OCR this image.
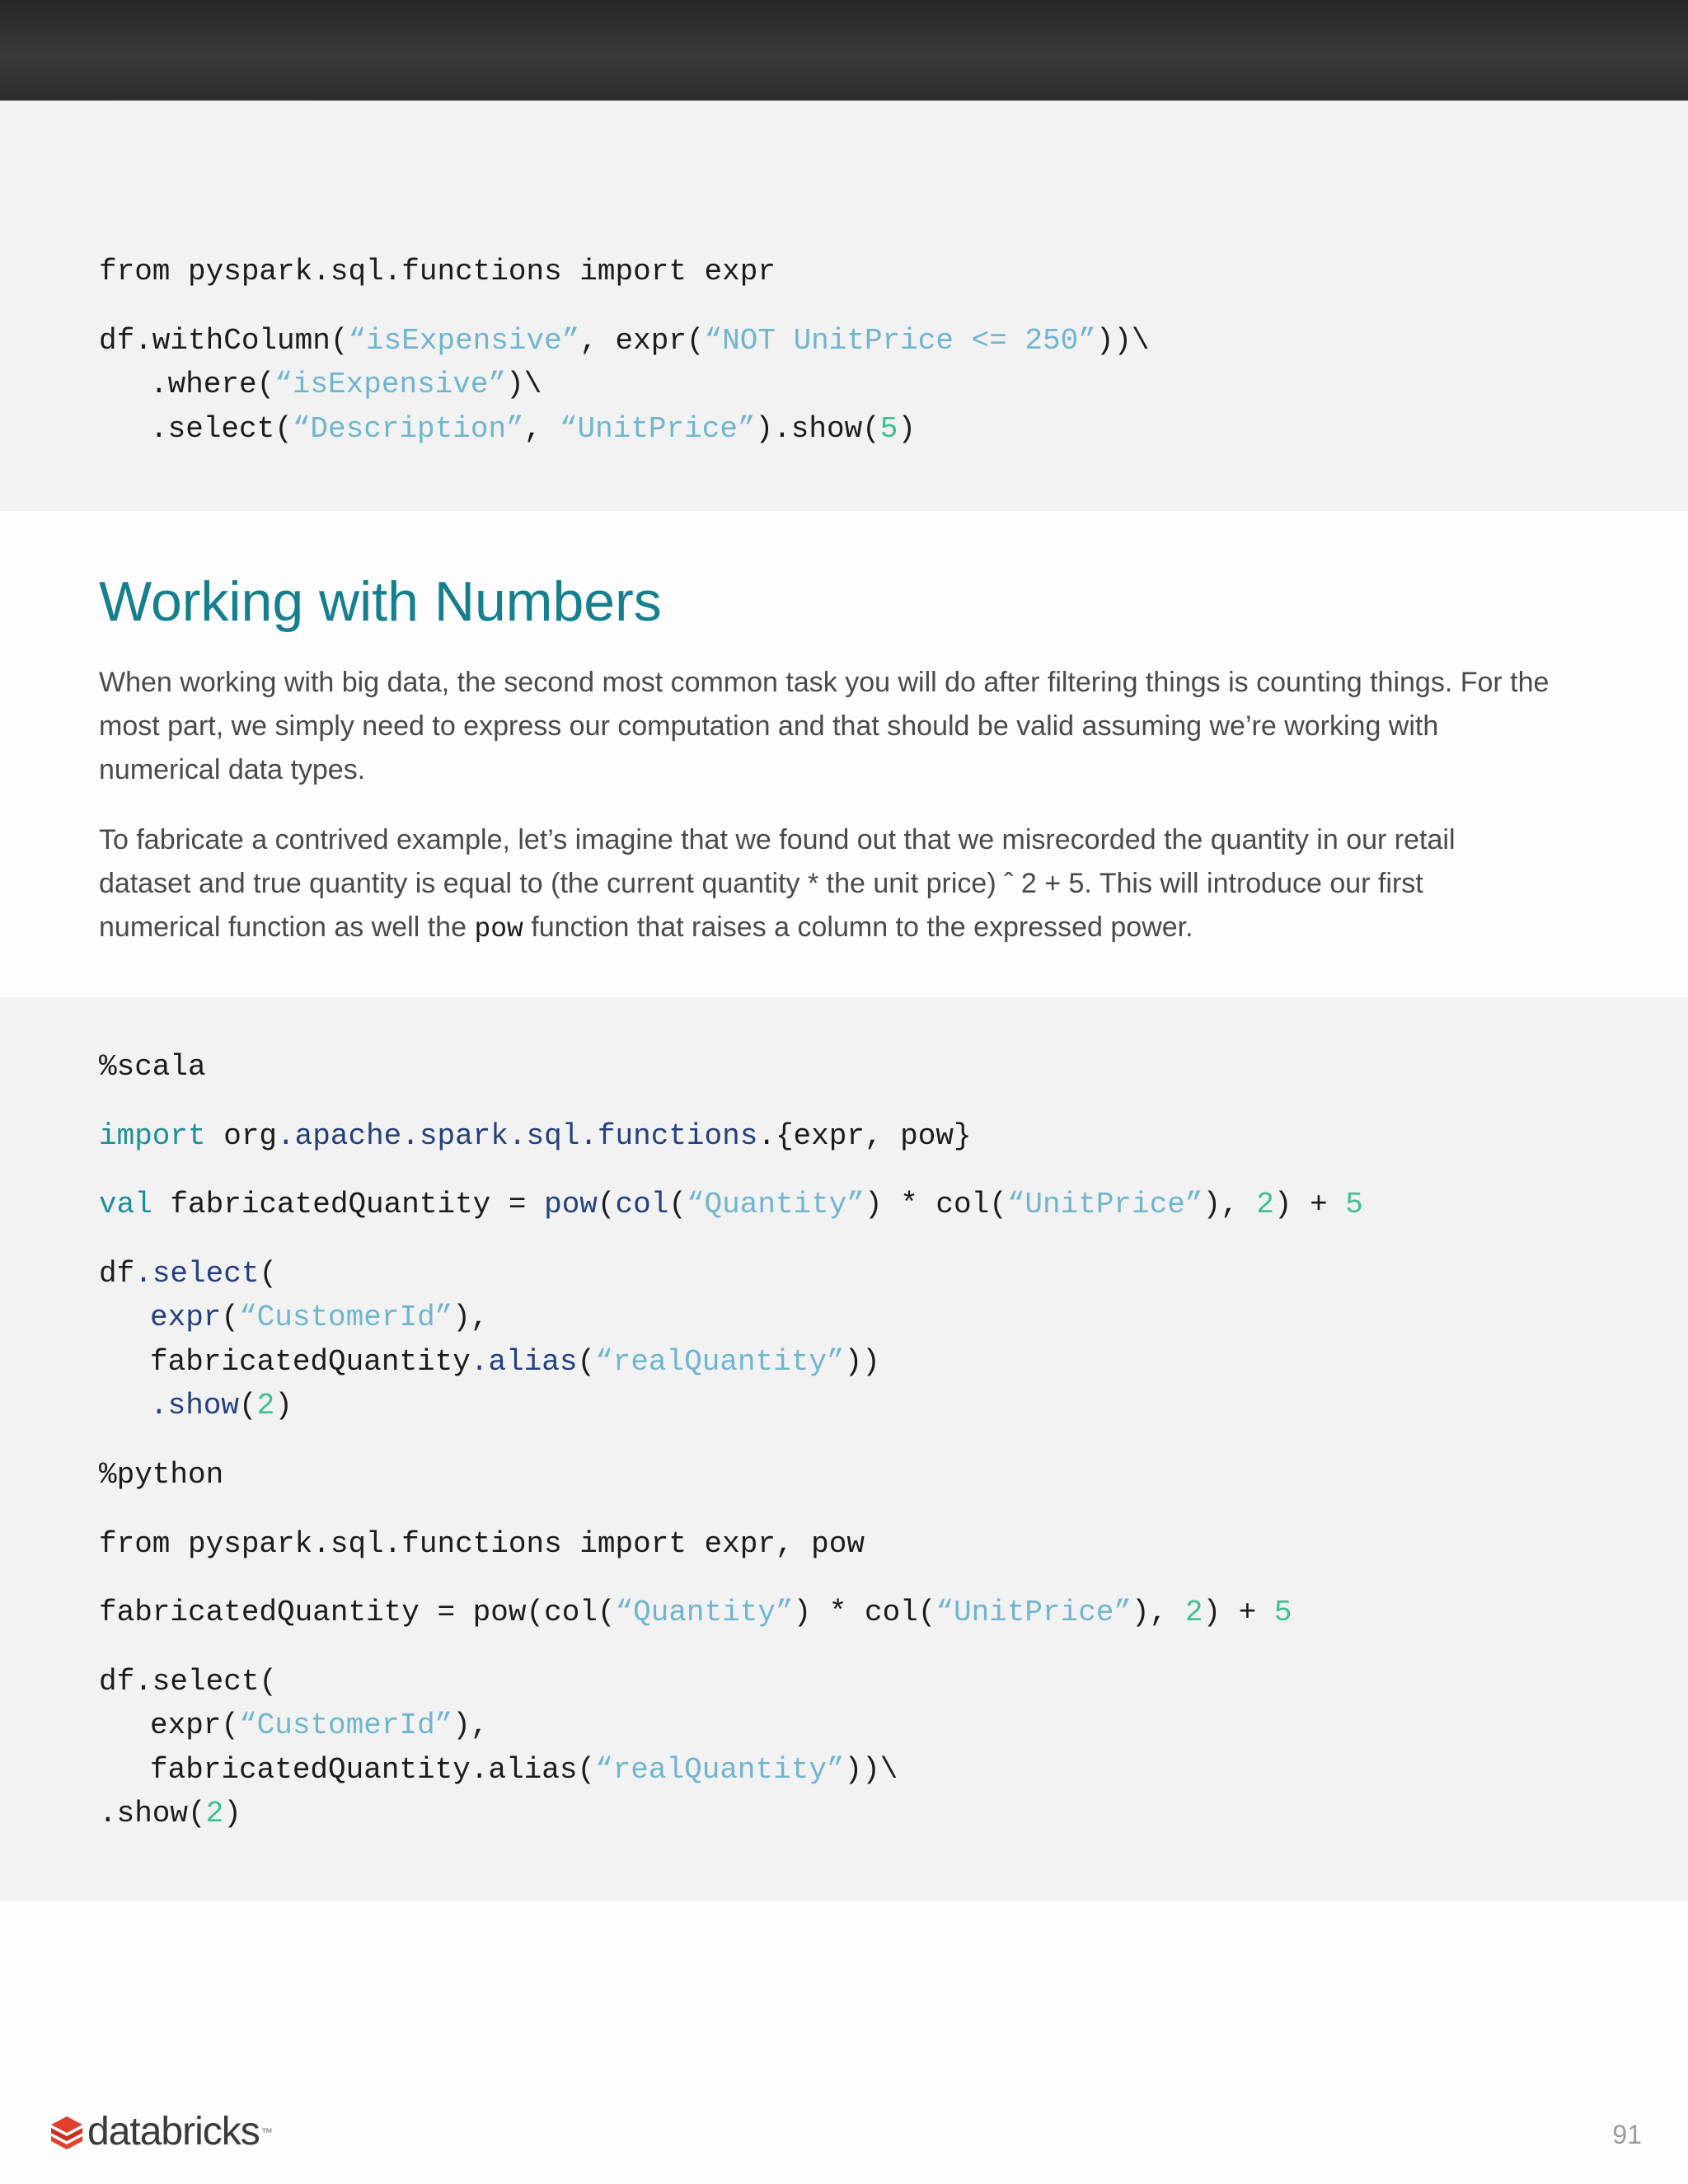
from pyspark.sql.functions import expr
df.withColumn(“isExpensive”, expr(“NOT UnitPrice <= 250”))\
.where(“isExpensive”)\
.select(“Description”, “UnitPrice”).show(5)
Working with Numbers

When working with big data, the second most common task you will do after filtering things is counting things. For the most part, we simply need to express our computation and that should be valid assuming we’re working with numerical data types.

To fabricate a contrived example, let’s imagine that we found out that we misrecorded the quantity in our retail dataset and true quantity is equal to (the current quantity * the unit price) ˆ 2 + 5. This will introduce our first numerical function as well the pow function that raises a column to the expressed power.

%scala
import org.apache.spark.sql.functions.{expr, pow}
val fabricatedQuantity = pow(col(“Quantity”) * col(“UnitPrice”), 2) + 5
df.select(
expr(“CustomerId”),
fabricatedQuantity.alias(“realQuantity”))
.show(2)
%python
from pyspark.sql.functions import expr, pow
fabricatedQuantity = pow(col(“Quantity”) * col(“UnitPrice”), 2) + 5
df.select(
expr(“CustomerId”),
fabricatedQuantity.alias(“realQuantity”))\
.show(2)
databricks ™	91
